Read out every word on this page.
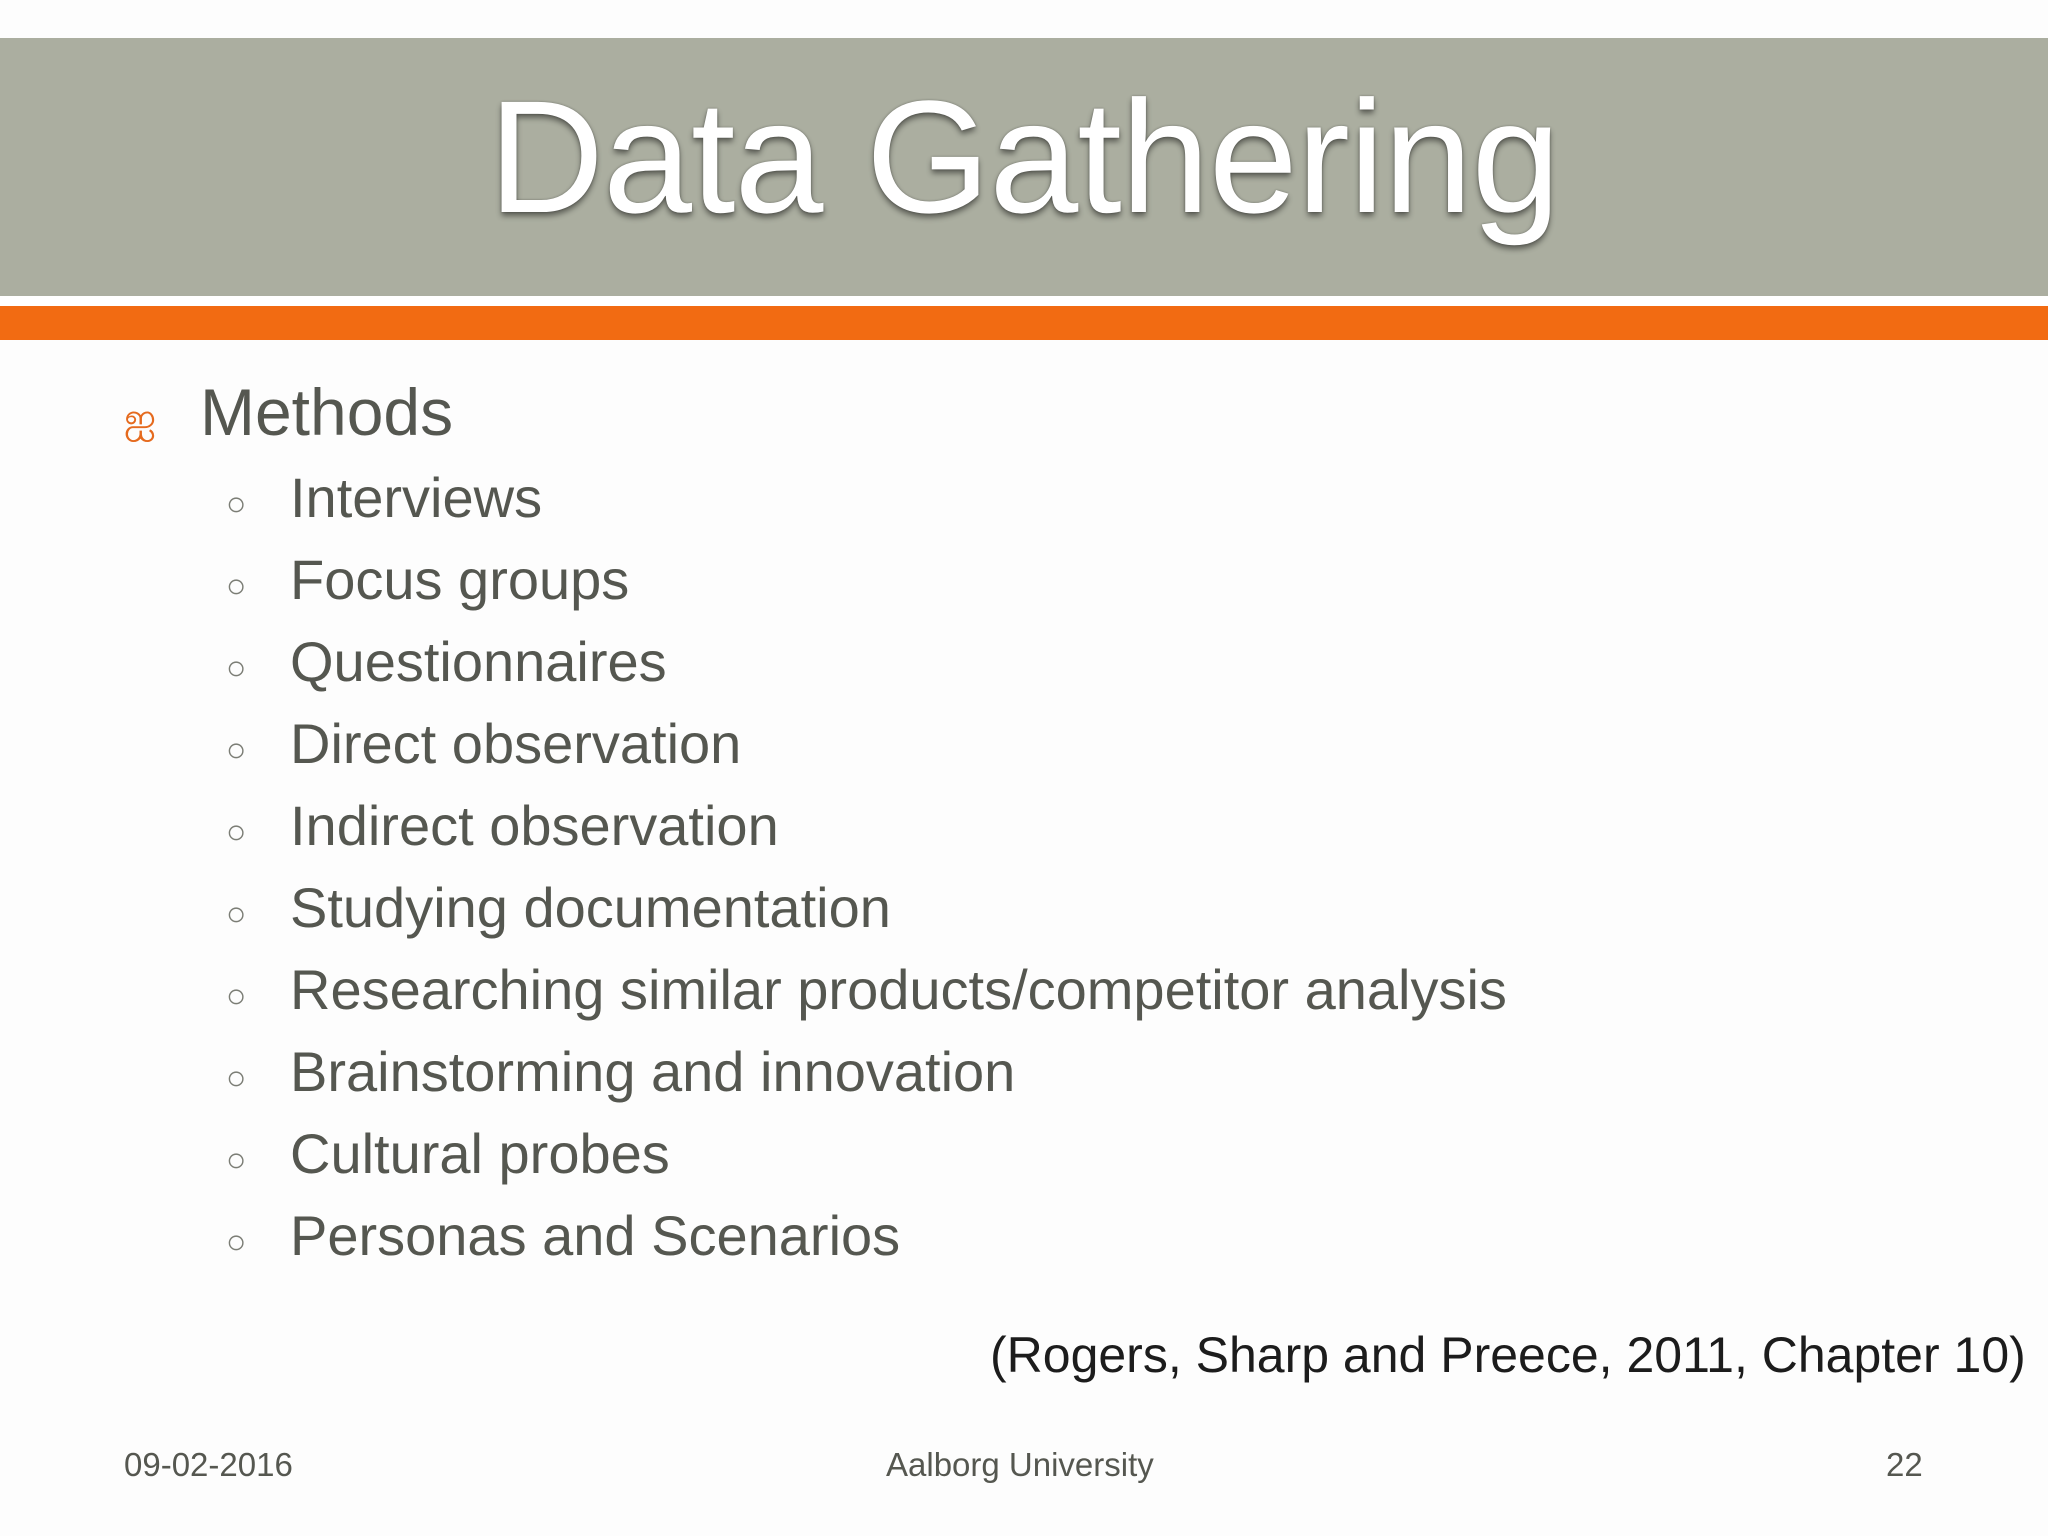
Data Gathering
ஐ Methods
○ Interviews
○ Focus groups
○ Questionnaires
○ Direct observation
○ Indirect observation
○ Studying documentation
○ Researching similar products/competitor analysis
○ Brainstorming and innovation
○ Cultural probes
○ Personas and Scenarios
(Rogers, Sharp and Preece, 2011, Chapter 10)
09-02-2016	Aalborg University	22
